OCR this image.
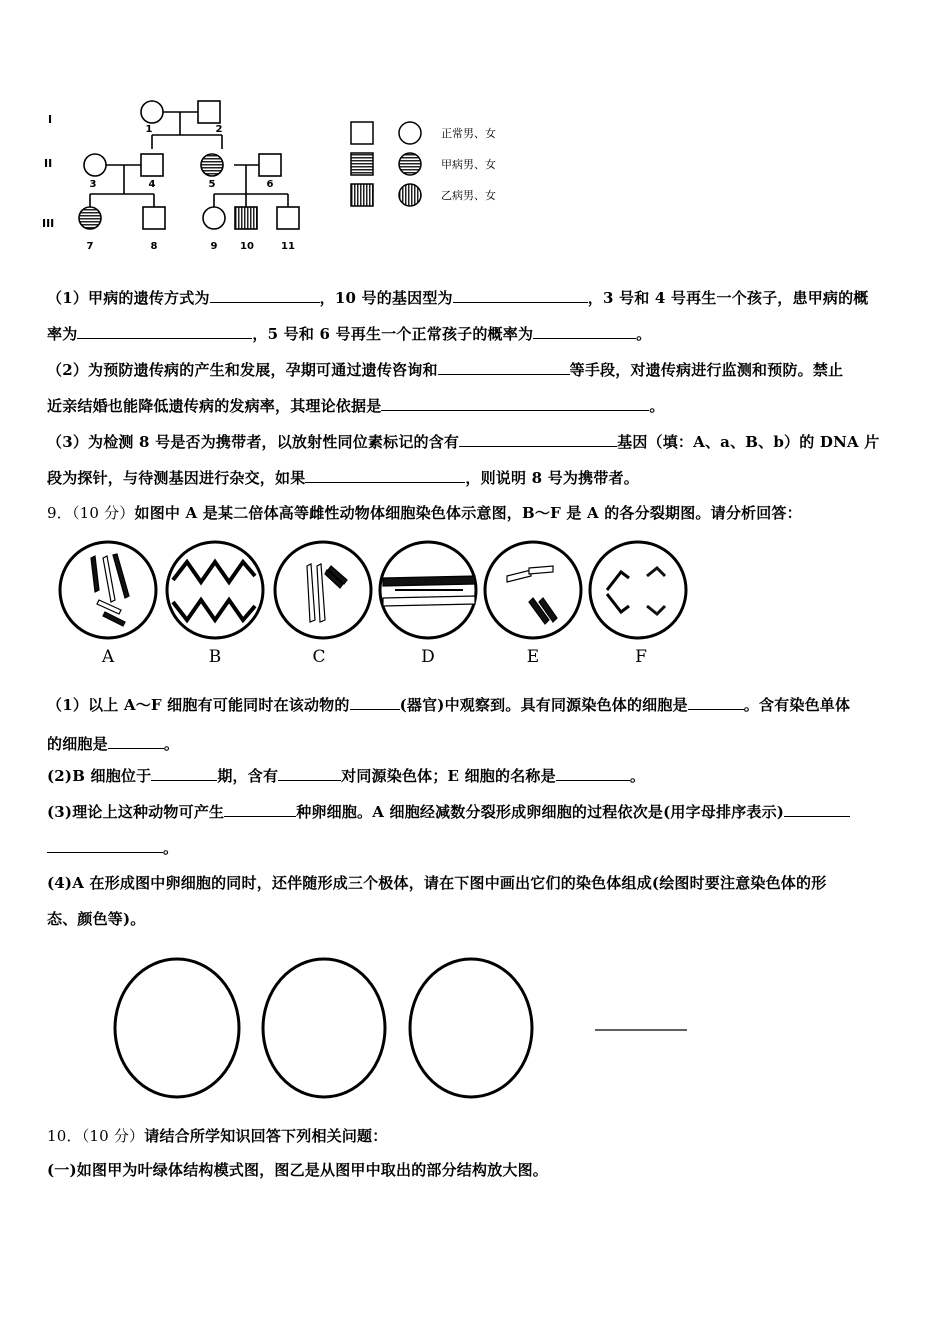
I
II
III
1	2
3	4	5	6
7	8	9 10	11
正常男、女
甲病男、女
乙病男、女
（1）甲病的遗传方式为	，10 号的基因型为	，3 号和 4 号再生一个孩子，患甲病的概
率为	，5 号和 6 号再生一个正常孩子的概率为	。
（2）为预防遗传病的产生和发展，孕期可通过遗传咨询和	等手段，对遗传病进行监测和预防。禁止
近亲结婚也能降低遗传病的发病率，其理论依据是	。
（3）为检测 8 号是否为携带者，以放射性同位素标记的含有	基因（填：A、a、B、b）的 DNA 片
段为探针，与待测基因进行杂交，如果	，则说明 8 号为携带者。
9．（10 分）如图中 A 是某二倍体高等雌性动物体细胞染色体示意图，B～F 是 A 的各分裂期图。请分析回答：
A	B	C	D	E	F
（1）以上 A～F 细胞有可能同时在该动物的	(器官)中观察到。具有同源染色体的细胞是	。含有染色单体
的细胞是	。
(2)B 细胞位于	期，含有	对同源染色体；E 细胞的名称是	。
(3)理论上这种动物可产生	种卵细胞。A 细胞经减数分裂形成卵细胞的过程依次是(用字母排序表示)
。
(4)A 在形成图中卵细胞的同时，还伴随形成三个极体，请在下图中画出它们的染色体组成(绘图时要注意染色体的形
态、颜色等)。
10．（10 分）请结合所学知识回答下列相关问题：
(一)如图甲为叶绿体结构模式图，图乙是从图甲中取出的部分结构放大图。
